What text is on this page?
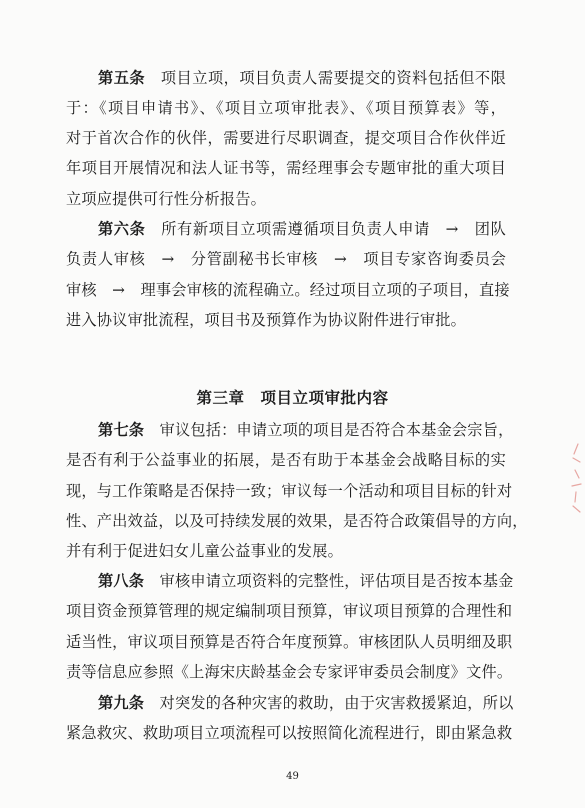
第五条　项目立项，项目负责人需要提交的资料包括但不限
于：《项目申请书》、《项目立项审批表》、《项目预算表》等，
对于首次合作的伙伴，需要进行尽职调查，提交项目合作伙伴近
年项目开展情况和法人证书等，需经理事会专题审批的重大项目
立项应提供可行性分析报告。
第六条　所有新项目立项需遵循项目负责人申请　→　团队
负责人审核　→　分管副秘书长审核　→　项目专家咨询委员会
审核　→　理事会审核的流程确立。经过项目立项的子项目，直接
进入协议审批流程，项目书及预算作为协议附件进行审批。
第七条　审议包括：申请立项的项目是否符合本基金会宗旨，
是否有利于公益事业的拓展，是否有助于本基金会战略目标的实
现，与工作策略是否保持一致；审议每一个活动和项目目标的针对
性、产出效益，以及可持续发展的效果，是否符合政策倡导的方向，
并有利于促进妇女儿童公益事业的发展。
第八条　审核申请立项资料的完整性，评估项目是否按本基金
项目资金预算管理的规定编制项目预算，审议项目预算的合理性和
适当性，审议项目预算是否符合年度预算。审核团队人员明细及职
责等信息应参照《上海宋庆龄基金会专家评审委员会制度》文件。
第九条　对突发的各种灾害的救助，由于灾害救援紧迫，所以
紧急救灾、救助项目立项流程可以按照简化流程进行，即由紧急救
第三章　项目立项审批内容
49
